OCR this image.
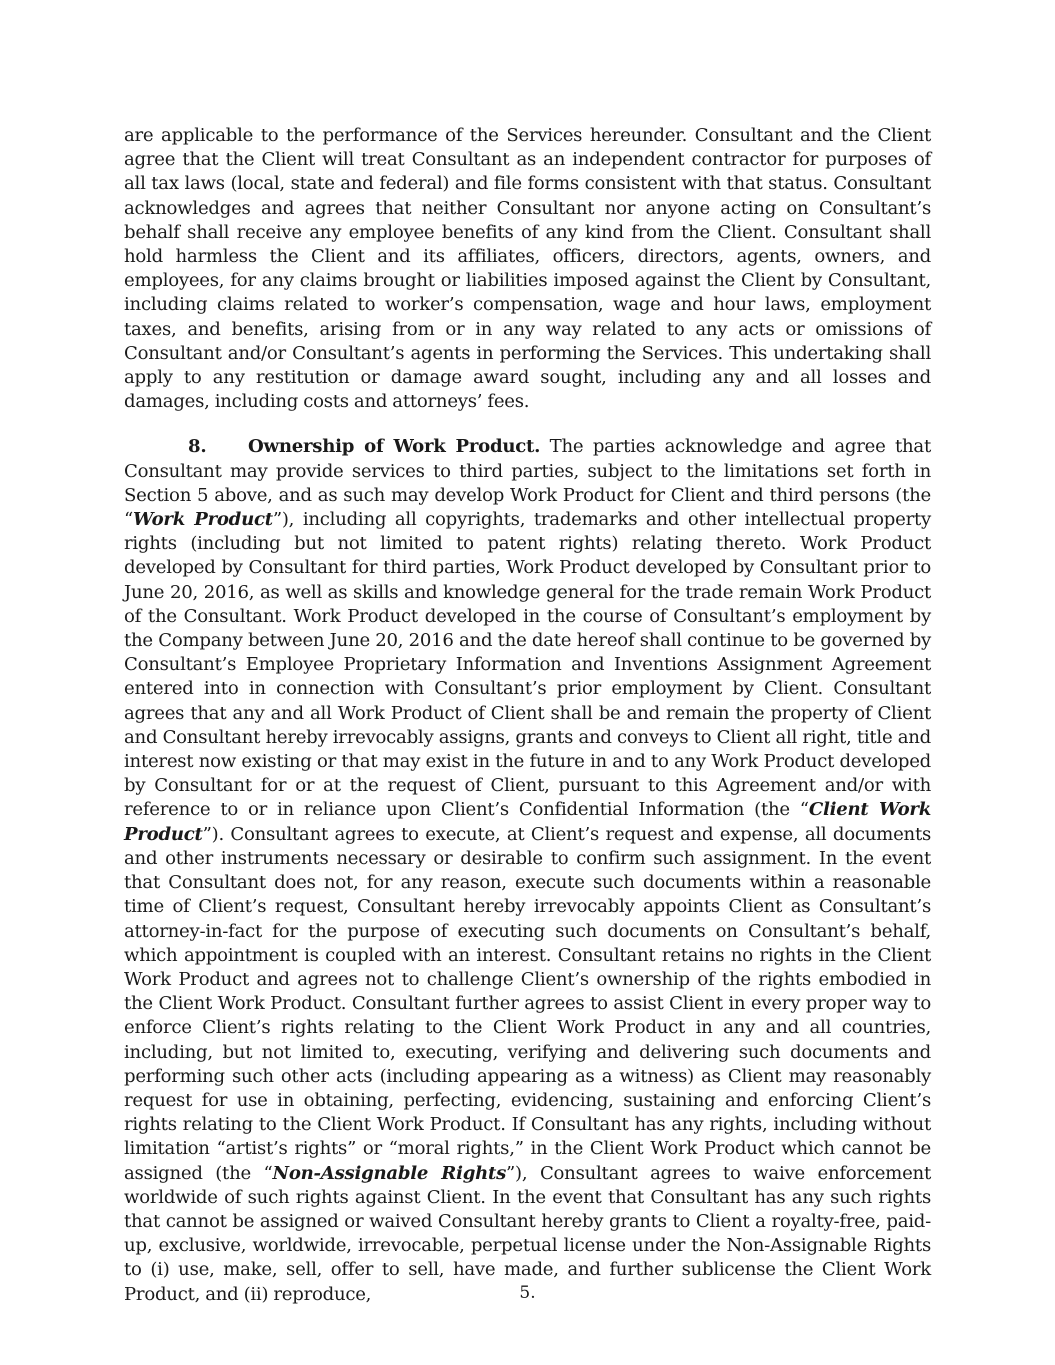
are applicable to the performance of the Services hereunder. Consultant and the Client agree that the Client will treat Consultant as an independent contractor for purposes of all tax laws (local, state and federal) and file forms consistent with that status. Consultant acknowledges and agrees that neither Consultant nor anyone acting on Consultant’s behalf shall receive any employee benefits of any kind from the Client. Consultant shall hold harmless the Client and its affiliates, officers, directors, agents, owners, and employees, for any claims brought or liabilities imposed against the Client by Consultant, including claims related to worker’s compensation, wage and hour laws, employment taxes, and benefits, arising from or in any way related to any acts or omissions of Consultant and/or Consultant’s agents in performing the Services. This undertaking shall apply to any restitution or damage award sought, including any and all losses and damages, including costs and attorneys’ fees.

8. Ownership of Work Product. The parties acknowledge and agree that Consultant may provide services to third parties, subject to the limitations set forth in Section 5 above, and as such may develop Work Product for Client and third persons (the “Work Product”), including all copyrights, trademarks and other intellectual property rights (including but not limited to patent rights) relating thereto. Work Product developed by Consultant for third parties, Work Product developed by Consultant prior to June 20, 2016, as well as skills and knowledge general for the trade remain Work Product of the Consultant. Work Product developed in the course of Consultant’s employment by the Company between June 20, 2016 and the date hereof shall continue to be governed by Consultant’s Employee Proprietary Information and Inventions Assignment Agreement entered into in connection with Consultant’s prior employment by Client. Consultant agrees that any and all Work Product of Client shall be and remain the property of Client and Consultant hereby irrevocably assigns, grants and conveys to Client all right, title and interest now existing or that may exist in the future in and to any Work Product developed by Consultant for or at the request of Client, pursuant to this Agreement and/or with reference to or in reliance upon Client’s Confidential Information (the “Client Work Product”). Consultant agrees to execute, at Client’s request and expense, all documents and other instruments necessary or desirable to confirm such assignment. In the event that Consultant does not, for any reason, execute such documents within a reasonable time of Client’s request, Consultant hereby irrevocably appoints Client as Consultant’s attorney-in-fact for the purpose of executing such documents on Consultant’s behalf, which appointment is coupled with an interest. Consultant retains no rights in the Client Work Product and agrees not to challenge Client’s ownership of the rights embodied in the Client Work Product. Consultant further agrees to assist Client in every proper way to enforce Client’s rights relating to the Client Work Product in any and all countries, including, but not limited to, executing, verifying and delivering such documents and performing such other acts (including appearing as a witness) as Client may reasonably request for use in obtaining, perfecting, evidencing, sustaining and enforcing Client’s rights relating to the Client Work Product. If Consultant has any rights, including without limitation “artist’s rights” or “moral rights,” in the Client Work Product which cannot be assigned (the “Non-Assignable Rights”), Consultant agrees to waive enforcement worldwide of such rights against Client. In the event that Consultant has any such rights that cannot be assigned or waived Consultant hereby grants to Client a royalty-free, paid-up, exclusive, worldwide, irrevocable, perpetual license under the Non-Assignable Rights to (i) use, make, sell, offer to sell, have made, and further sublicense the Client Work Product, and (ii) reproduce,	5.
